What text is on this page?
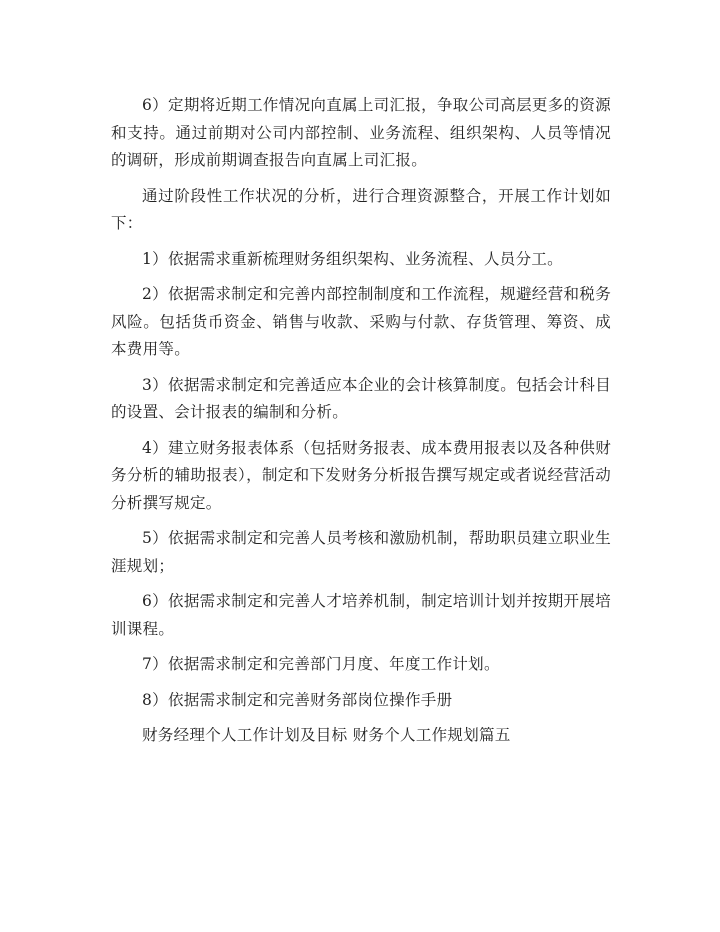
6）定期将近期工作情况向直属上司汇报，争取公司高层更多的资源和支持。通过前期对公司内部控制、业务流程、组织架构、人员等情况的调研，形成前期调查报告向直属上司汇报。

通过阶段性工作状况的分析，进行合理资源整合，开展工作计划如下：

1）依据需求重新梳理财务组织架构、业务流程、人员分工。

2）依据需求制定和完善内部控制制度和工作流程，规避经营和税务风险。包括货币资金、销售与收款、采购与付款、存货管理、筹资、成本费用等。

3）依据需求制定和完善适应本企业的会计核算制度。包括会计科目的设置、会计报表的编制和分析。

4）建立财务报表体系（包括财务报表、成本费用报表以及各种供财务分析的辅助报表），制定和下发财务分析报告撰写规定或者说经营活动分析撰写规定。

5）依据需求制定和完善人员考核和激励机制，帮助职员建立职业生涯规划；

6）依据需求制定和完善人才培养机制，制定培训计划并按期开展培训课程。

7）依据需求制定和完善部门月度、年度工作计划。

8）依据需求制定和完善财务部岗位操作手册

财务经理个人工作计划及目标 财务个人工作规划篇五
